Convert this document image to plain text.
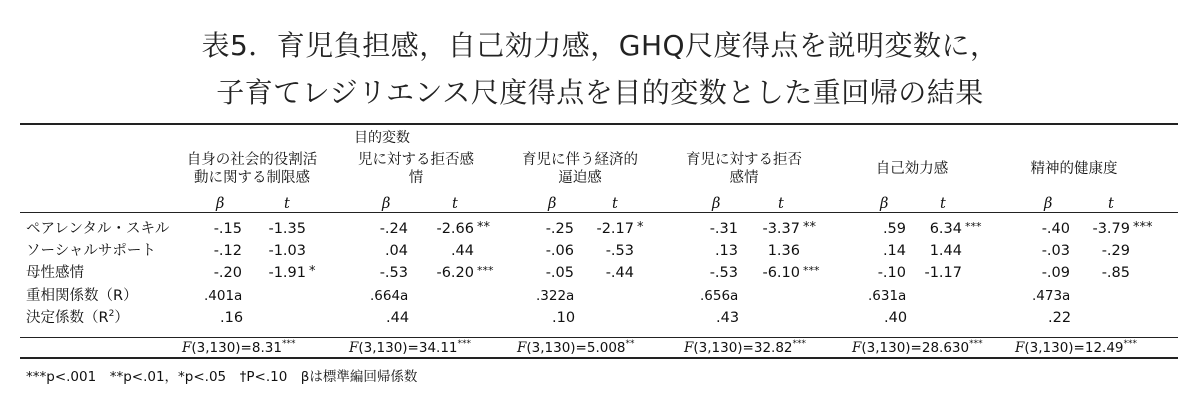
表5．育児負担感，自己効力感，GHQ尺度得点を説明変数に，
子育てレジリエンス尺度得点を目的変数とした重回帰の結果
目的変数
自身の社会的役割活
動に関する制限感
β	t
児に対する拒否感
情
β	t
育児に伴う経済的
逼迫感
β	t
育児に対する拒否
感情
β	t
自己効力感
β	t
精神的健康度
β	t
ペアレンタル・スキル	-.15	-1.35	-.24	-2.66 **	-.25	-2.17 *	-.31	-3.37 **	.59	6.34 ***	-.40	-3.79 ***
ソーシャルサポート	-.12	-1.03	.04	.44	-.06	-.53	.13	1.36	.14	1.44	-.03	-.29
母性感情	-.20	-1.91 *	-.53	-6.20 ***	-.05	-.44	-.53	-6.10 ***	-.10	-1.17	-.09	-.85
重相関係数（R）	.401a	.664a	.322a	.656a	.631a	.473a
決定係数$(R^2)$	.16	.44	.10	.43	.40	.22
F(3,130)=8.31***	F(3,130)=34.11***	F(3,130)=5.008**	F(3,130)=32.82***	F(3,130)=28.630*** F(3,130)=12.49***
***p<.001　**p<.01，*p<.05　†P<.10　βは標準編回帰係数
